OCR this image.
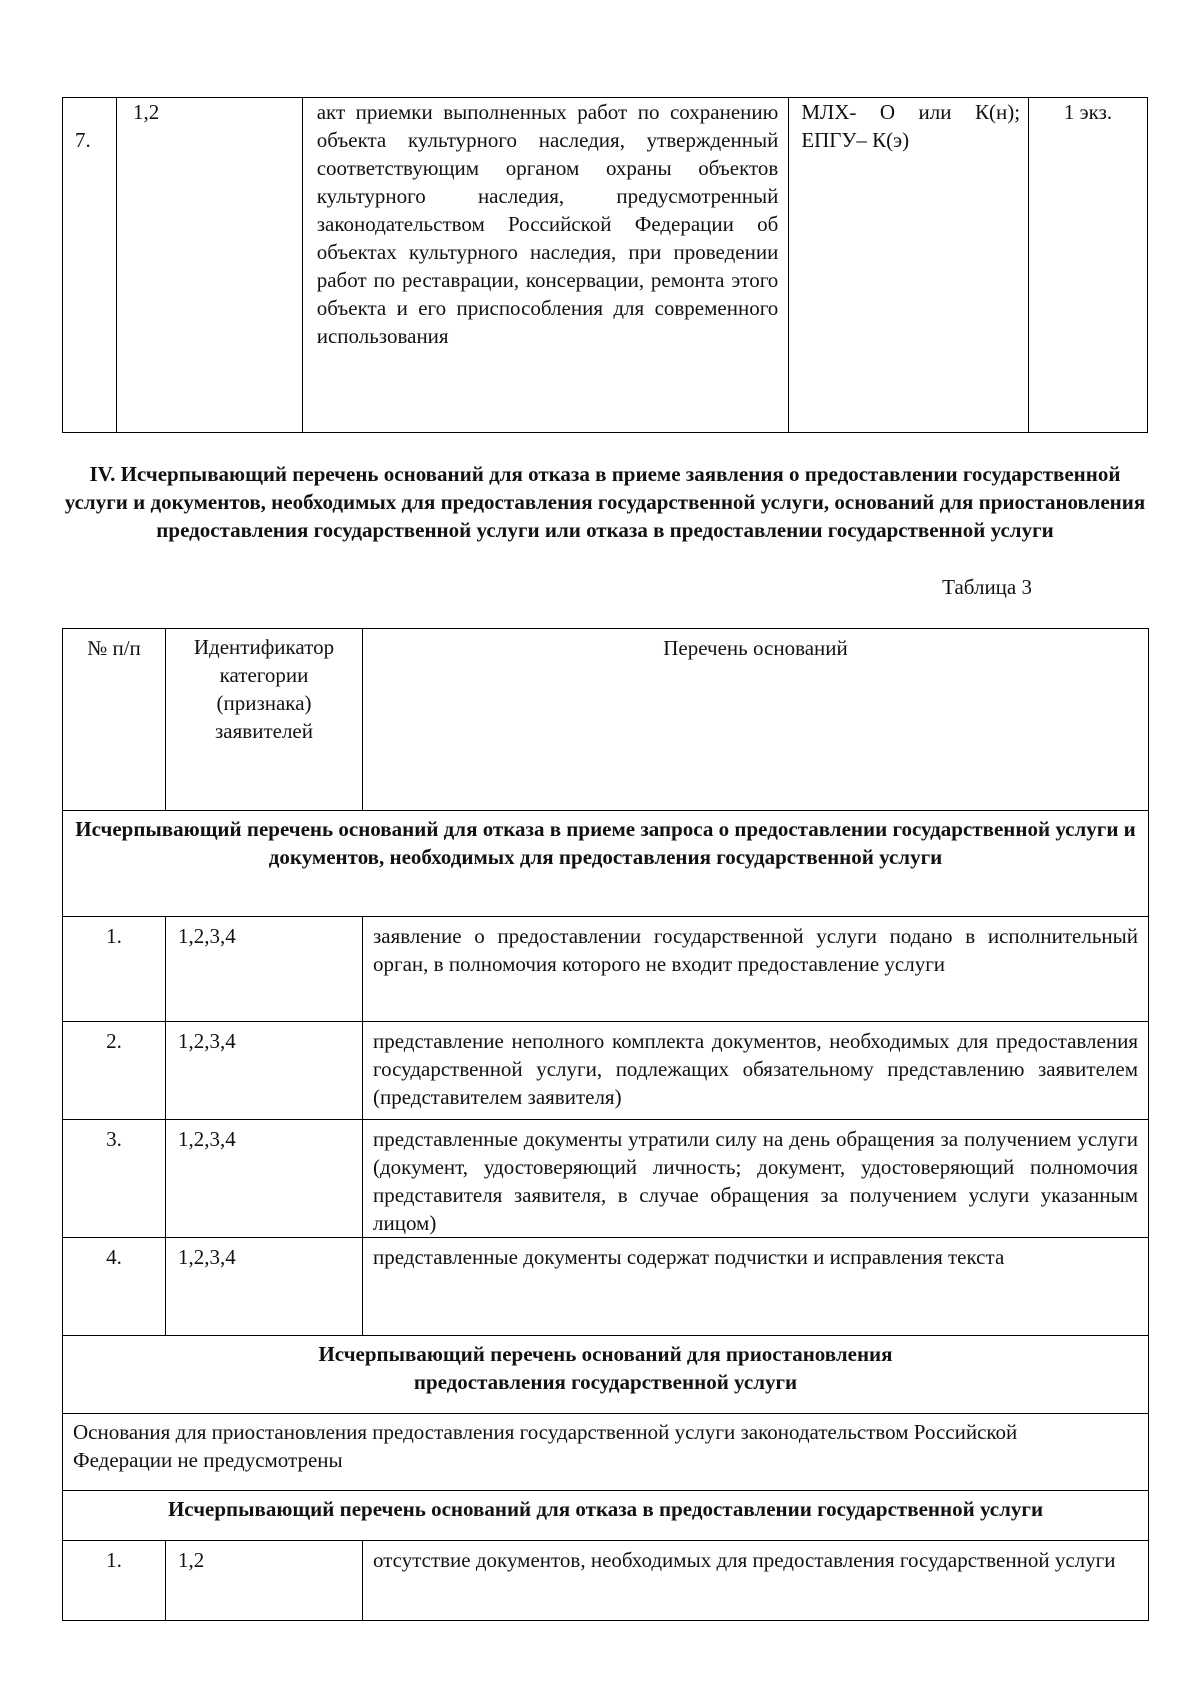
7.	1,2	акт приемки выполненных работ по сохранению объекта культурного наследия, утвержденный соответствующим органом охраны объектов культурного наследия, предусмотренный законодательством Российской Федерации об объектах культурного наследия, при проведении работ по реставрации, консервации, ремонта этого объекта и его приспособления для современного использования	МЛХ- О или К(н); ЕПГУ– К(э)	1 экз.

IV. Исчерпывающий перечень оснований для отказа в приеме заявления о предоставлении государственной услуги и документов, необходимых для предоставления государственной услуги, оснований для приостановления предоставления государственной услуги или отказа в предоставлении государственной услуги

Таблица 3
№ п/п	Идентификатор категории (признака) заявителей	Перечень оснований
Исчерпывающий перечень оснований для отказа в приеме запроса о предоставлении государственной услуги и документов, необходимых для предоставления государственной услуги		
1.	1,2,3,4	заявление о предоставлении государственной услуги подано в исполнительный орган, в полномочия которого не входит предоставление услуги
2.	1,2,3,4	представление неполного комплекта документов, необходимых для предоставления государственной услуги, подлежащих обязательному представлению заявителем (представителем заявителя)
3.	1,2,3,4	представленные документы утратили силу на день обращения за получением услуги (документ, удостоверяющий личность; документ, удостоверяющий полномочия представителя заявителя, в случае обращения за получением услуги указанным лицом)
4.	1,2,3,4	представленные документы содержат подчистки и исправления текста
Исчерпывающий перечень оснований для приостановления предоставления государственной услуги		
Основания для приостановления предоставления государственной услуги законодательством Российской Федерации не предусмотрены		
Исчерпывающий перечень оснований для отказа в предоставлении государственной услуги		
1.	1,2	отсутствие документов, необходимых для предоставления государственной услуги
